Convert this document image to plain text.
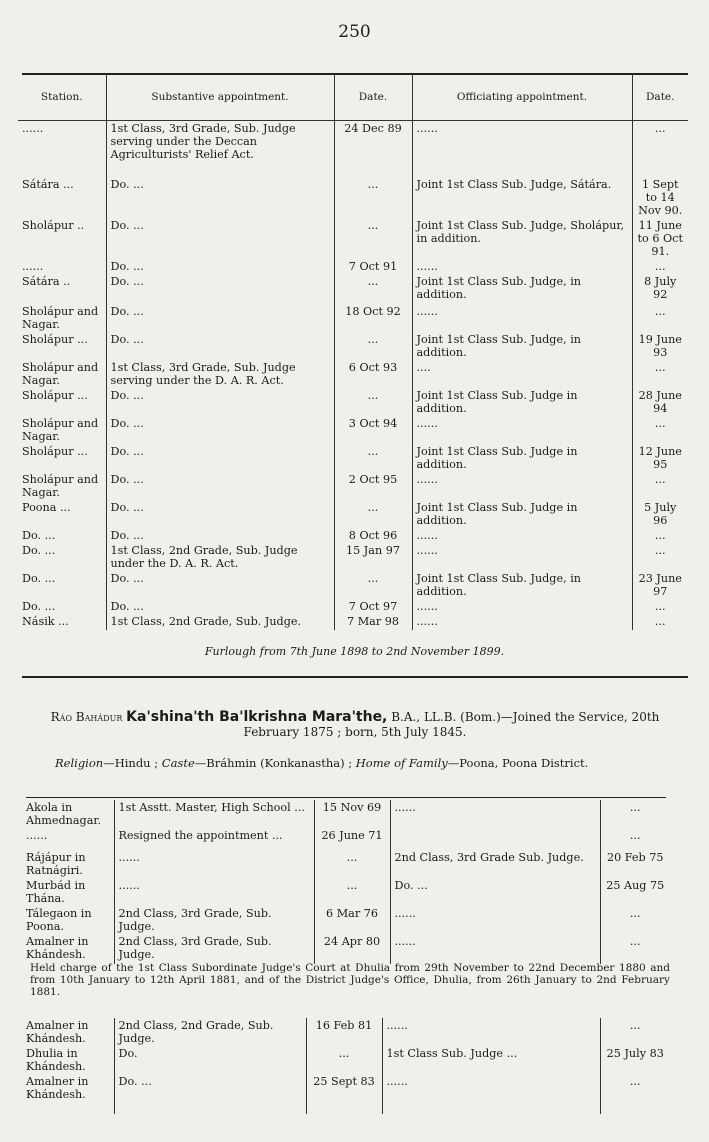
250
Station.	Substantive appointment.	Date.	Officiating appointment.	Date.
......	1st Class, 3rd Grade, Sub. Judge serving under the Deccan Agriculturists' Relief Act.	24 Dec 89	......	...
Sátára ...	Do. ...	...	Joint 1st Class Sub. Judge, Sátára.	1 Sept to 14 Nov 90.
Sholápur ..	Do. ...	...	Joint 1st Class Sub. Judge, Sholápur, in addition.	11 June to 6 Oct 91.
......	Do. ...	7 Oct 91	......	...
Sátára ..	Do. ...	...	Joint 1st Class Sub. Judge, in addition.	8 July 92
Sholápur and Nagar.	Do. ...	18 Oct 92	......	...
Sholápur ...	Do. ...	...	Joint 1st Class Sub. Judge, in addition.	19 June 93
Sholápur and Nagar.	1st Class, 3rd Grade, Sub. Judge serving under the D. A. R. Act.	6 Oct 93	....	...
Sholápur ...	Do. ...	...	Joint 1st Class Sub. Judge in addition.	28 June 94
Sholápur and Nagar.	Do. ...	3 Oct 94	......	...
Sholápur ...	Do. ...	...	Joint 1st Class Sub. Judge in addition.	12 June 95
Sholápur and Nagar.	Do. ...	2 Oct 95	......	...
Poona ...	Do. ...	...	Joint 1st Class Sub. Judge in addition.	5 July 96
Do. ...	Do. ...	8 Oct 96	......	...
Do. ...	1st Class, 2nd Grade, Sub. Judge under the D. A. R. Act.	15 Jan 97	......	...
Do. ...	Do. ...	...	Joint 1st Class Sub. Judge, in addition.	23 June 97
Do. ...	Do. ...	7 Oct 97	......	...
Násik ...	1st Class, 2nd Grade, Sub. Judge.	7 Mar 98	......	...
Furlough from 7th June 1898 to 2nd November 1899.
Ráo Bahádur Ka'shina'th Ba'lkrishna Mara'the, B.A., LL.B. (Bom.)—Joined the Service, 20th February 1875 ; born, 5th July 1845.
Religion—Hindu ; Caste—Bráhmin (Konkanastha) ; Home of Family—Poona, Poona District.
Akola in Ahmednagar.	1st Asstt. Master, High School ...	15 Nov 69	......	...
......	Resigned the appointment ...	26 June 71		...
Rájápur in Ratnágiri.	......	...	2nd Class, 3rd Grade Sub. Judge.	20 Feb 75
Murbád in Thána.	......	...	Do. ...	25 Aug 75
Tálegaon in Poona.	2nd Class, 3rd Grade, Sub. Judge.	6 Mar 76	......	...
Amalner in Khándesh.	2nd Class, 3rd Grade, Sub. Judge.	24 Apr 80	......	...
Held charge of the 1st Class Subordinate Judge's Court at Dhulia from 29th November to 22nd December 1880 and from 10th January to 12th April 1881, and of the District Judge's Office, Dhulia, from 26th January to 2nd February 1881.
Amalner in Khándesh.	2nd Class, 2nd Grade, Sub. Judge.	16 Feb 81	......	...
Dhulia in Khándesh.	Do.	...	1st Class Sub. Judge ...	25 July 83
Amalner in Khándesh.	Do. ...	25 Sept 83	......	...
